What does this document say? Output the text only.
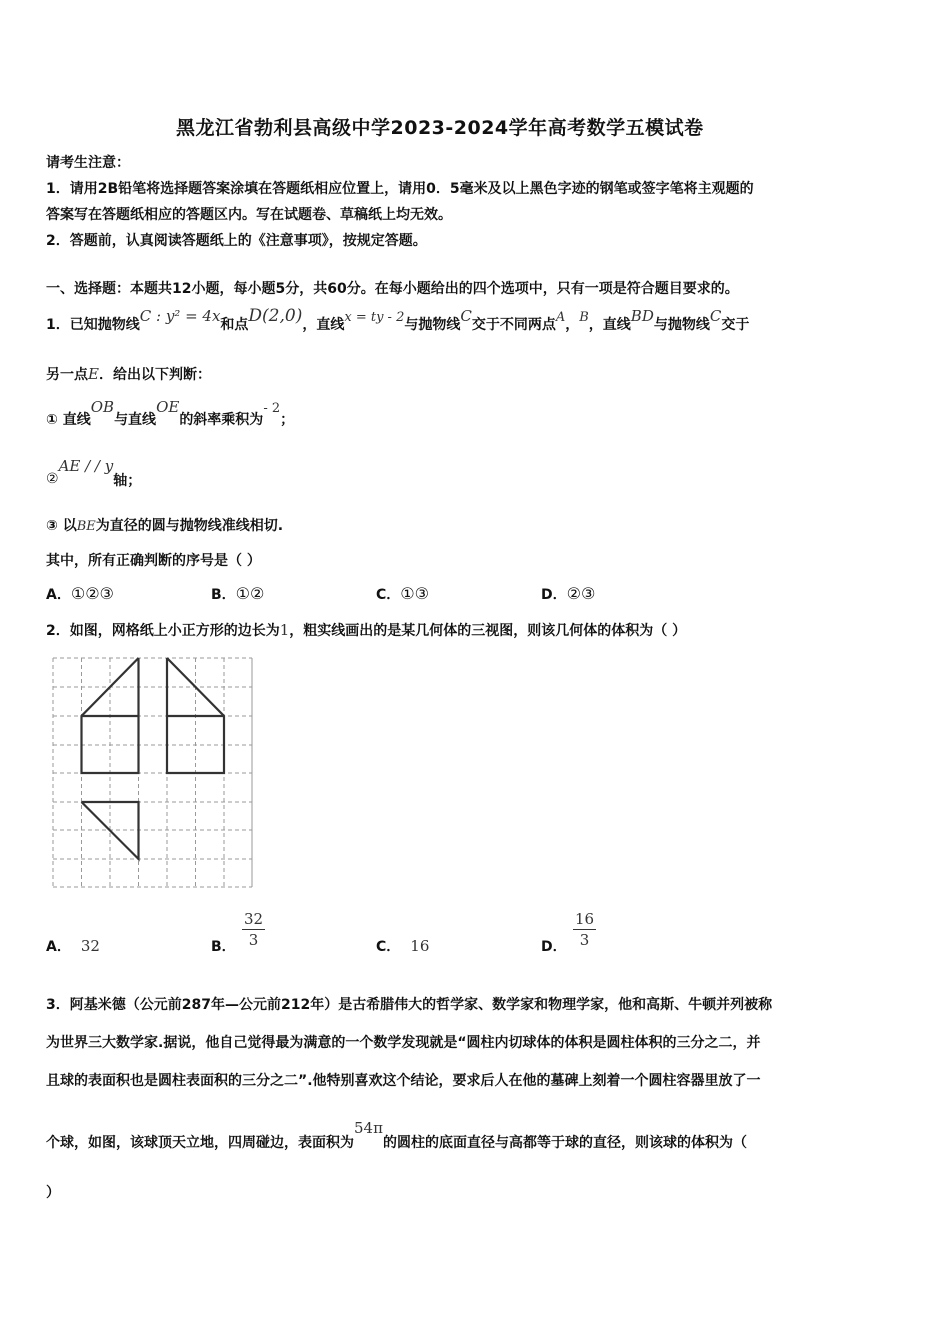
黑龙江省勃利县高级中学2023-2024学年高考数学五模试卷
请考生注意：
1．请用2B铅笔将选择题答案涂填在答题纸相应位置上，请用0．5毫米及以上黑色字迹的钢笔或签字笔将主观题的
答案写在答题纸相应的答题区内。写在试题卷、草稿纸上均无效。
2．答题前，认真阅读答题纸上的《注意事项》，按规定答题。
一、选择题：本题共12小题，每小题5分，共60分。在每小题给出的四个选项中，只有一项是符合题目要求的。
1．已知抛物线C : y² = 4x和点D(2,0)，直线x = ty - 2与抛物线C交于不同两点A，B，直线BD与抛物线C交于
另一点E．给出以下判断：
① 直线OB与直线OE的斜率乘积为- 2；
②AE / / y轴；
③ 以BE为直径的圆与抛物线准线相切.
其中，所有正确判断的序号是（ ）
A．①②③	B．①②	C．①③	D．②③
2．如图，网格纸上小正方形的边长为1，粗实线画出的是某几何体的三视图，则该几何体的体积为（ ）
A． 32	B．
32
3	C． 16	D．
16
3
3．阿基米德（公元前287年—公元前212年）是古希腊伟大的哲学家、数学家和物理学家，他和高斯、牛顿并列被称
为世界三大数学家.据说，他自己觉得最为满意的一个数学发现就是“圆柱内切球体的体积是圆柱体积的三分之二，并
且球的表面积也是圆柱表面积的三分之二”.他特别喜欢这个结论，要求后人在他的墓碑上刻着一个圆柱容器里放了一
个球，如图，该球顶天立地，四周碰边，表面积为54π的圆柱的底面直径与高都等于球的直径，则该球的体积为（
）
